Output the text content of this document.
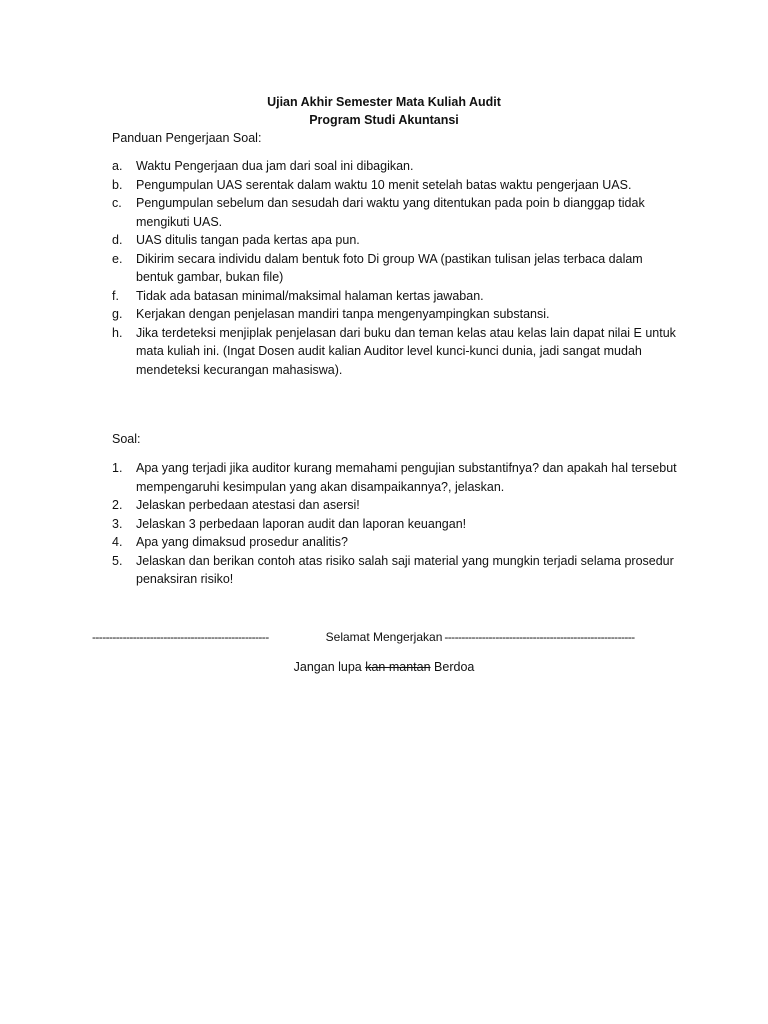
Ujian Akhir Semester Mata Kuliah Audit
Program Studi Akuntansi
Panduan Pengerjaan Soal:
a. Waktu Pengerjaan dua jam dari soal ini dibagikan.
b. Pengumpulan UAS serentak dalam waktu 10 menit setelah batas waktu pengerjaan UAS.
c. Pengumpulan sebelum dan sesudah dari waktu yang ditentukan pada poin b dianggap tidak mengikuti UAS.
d. UAS ditulis tangan pada kertas apa pun.
e. Dikirim secara individu dalam bentuk foto Di group WA (pastikan tulisan jelas terbaca dalam bentuk gambar, bukan file)
f. Tidak ada batasan minimal/maksimal halaman kertas jawaban.
g. Kerjakan dengan penjelasan mandiri tanpa mengenyampingkan substansi.
h. Jika terdeteksi menjiplak penjelasan dari buku dan teman kelas atau kelas lain dapat nilai E untuk mata kuliah ini. (Ingat Dosen audit kalian Auditor level kunci-kunci dunia, jadi sangat mudah mendeteksi kecurangan mahasiswa).
Soal:
1. Apa yang terjadi jika auditor kurang memahami pengujian substantifnya? dan apakah hal tersebut mempengaruhi kesimpulan yang akan disampaikannya?, jelaskan.
2. Jelaskan perbedaan atestasi dan asersi!
3. Jelaskan 3 perbedaan laporan audit dan laporan keuangan!
4. Apa yang dimaksud prosedur analitis?
5. Jelaskan dan berikan contoh atas risiko salah saji material yang mungkin terjadi selama prosedur penaksiran risiko!
----------------------------------------------------	Selamat Mengerjakan --------------------------------------------------------
Jangan lupa kan mantan Berdoa
